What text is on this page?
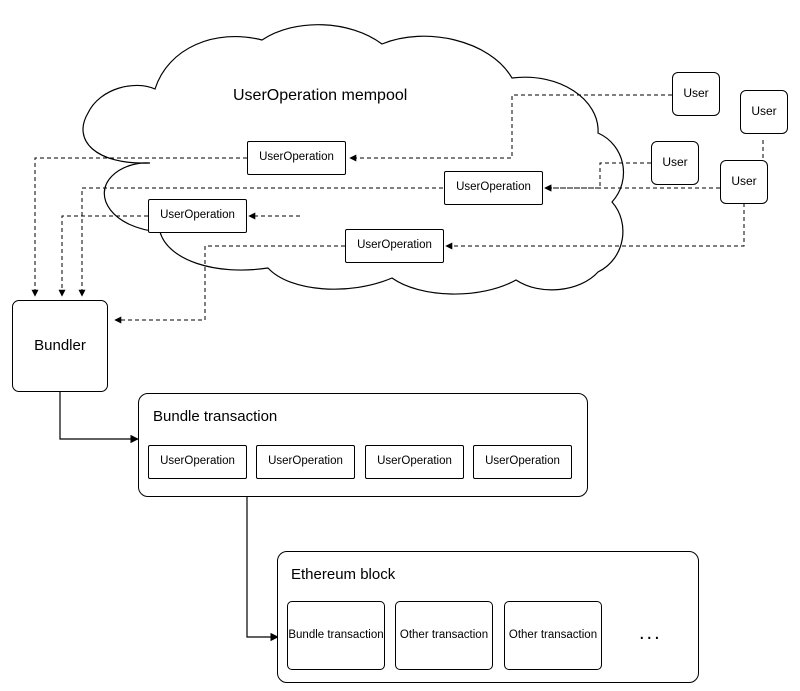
UserOperation mempool
UserOperation
UserOperation
UserOperation
UserOperation
User
User
User
User
Bundler
Bundle transaction
UserOperation	UserOperation	UserOperation	UserOperation
Ethereum block
Bundle transaction	Other transaction	Other transaction ...
